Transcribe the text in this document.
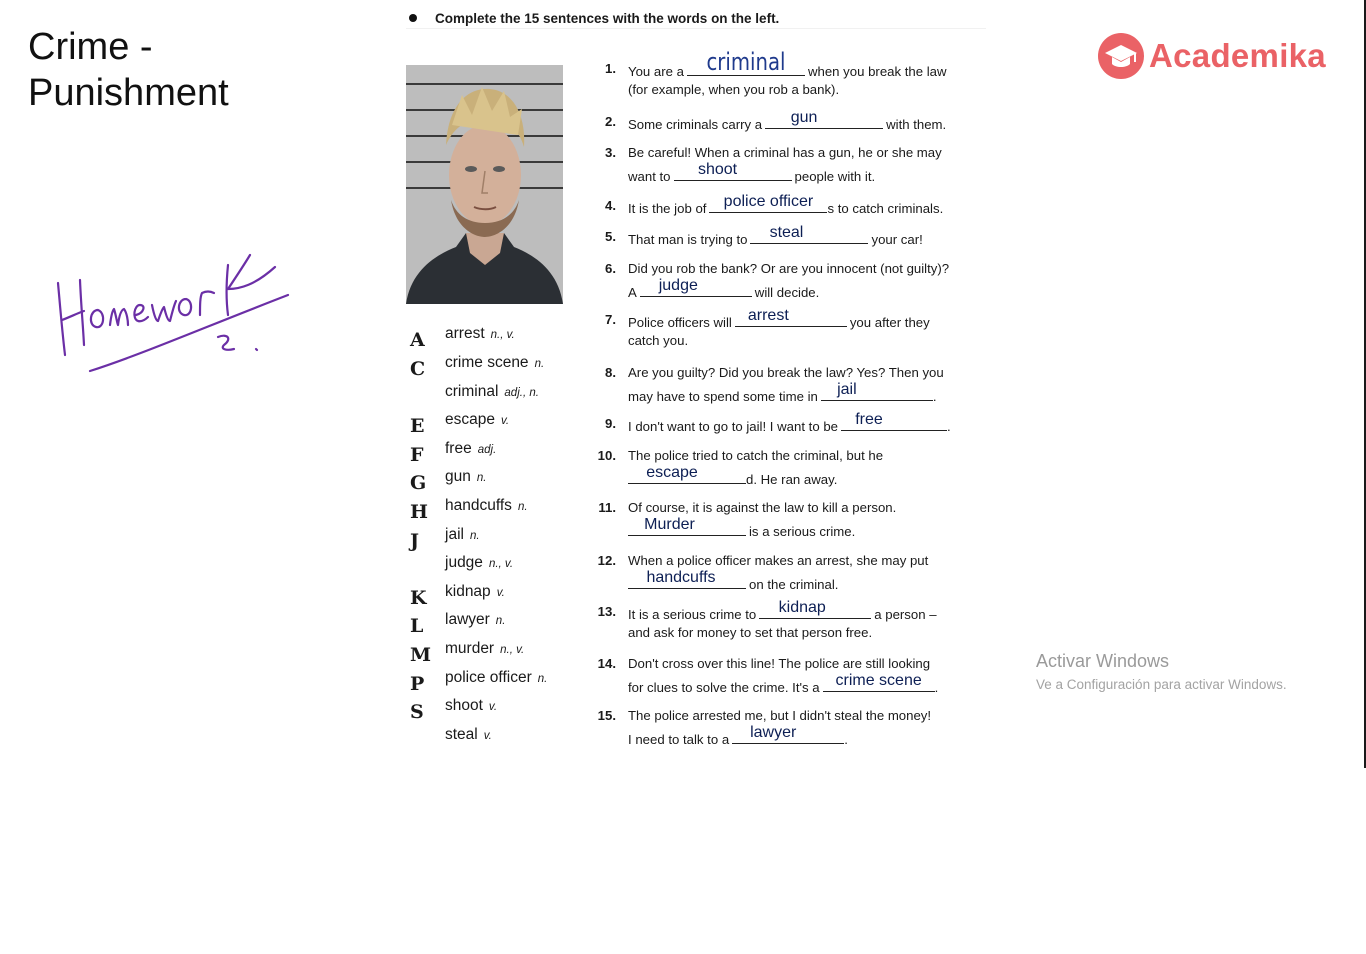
Crime -
Punishment
Academika
Complete the 15 sentences with the words on the left.
A arrest n., v.
C crime scene n.
criminal adj., n.
E escape v.
F free adj.
G gun n.
H handcuffs n.
J jail n.
judge n., v.
K kidnap v.
L lawyer n.
M murder n., v.
P police officer n.
S shoot v.
steal v.
1. You are a criminal	when you break the law
(for example, when you rob a bank).
2. Some criminals carry a	gun	with them.
3. Be careful! When a criminal has a gun, he or she may
want to	shoot	people with it.
4. It is the job of	police officer	s to catch criminals.
5. That man is trying to	steal	your car!
6. Did you rob the bank? Or are you innocent (not guilty)?
A	judge	will decide.
7. Police officers will	arrest	you after they
catch you.
8. Are you guilty? Did you break the law? Yes? Then you
may have to spend some time in	jail	.
9. I don't want to go to jail! I want to be	free	.
10. The police tried to catch the criminal, but he
escape	d. He ran away.
11. Of course, it is against the law to kill a person.
Murder	is a serious crime.
12. When a police officer makes an arrest, she may put
handcuffs	on the criminal.
13. It is a serious crime to	kidnap	a person –
and ask for money to set that person free.
14. Don't cross over this line! The police are still looking
for clues to solve the crime. It's a crime scene .
15. The police arrested me, but I didn't steal the money!
I need to talk to a	lawyer	.
Activar Windows
Ve a Configuración para activar Windows.
